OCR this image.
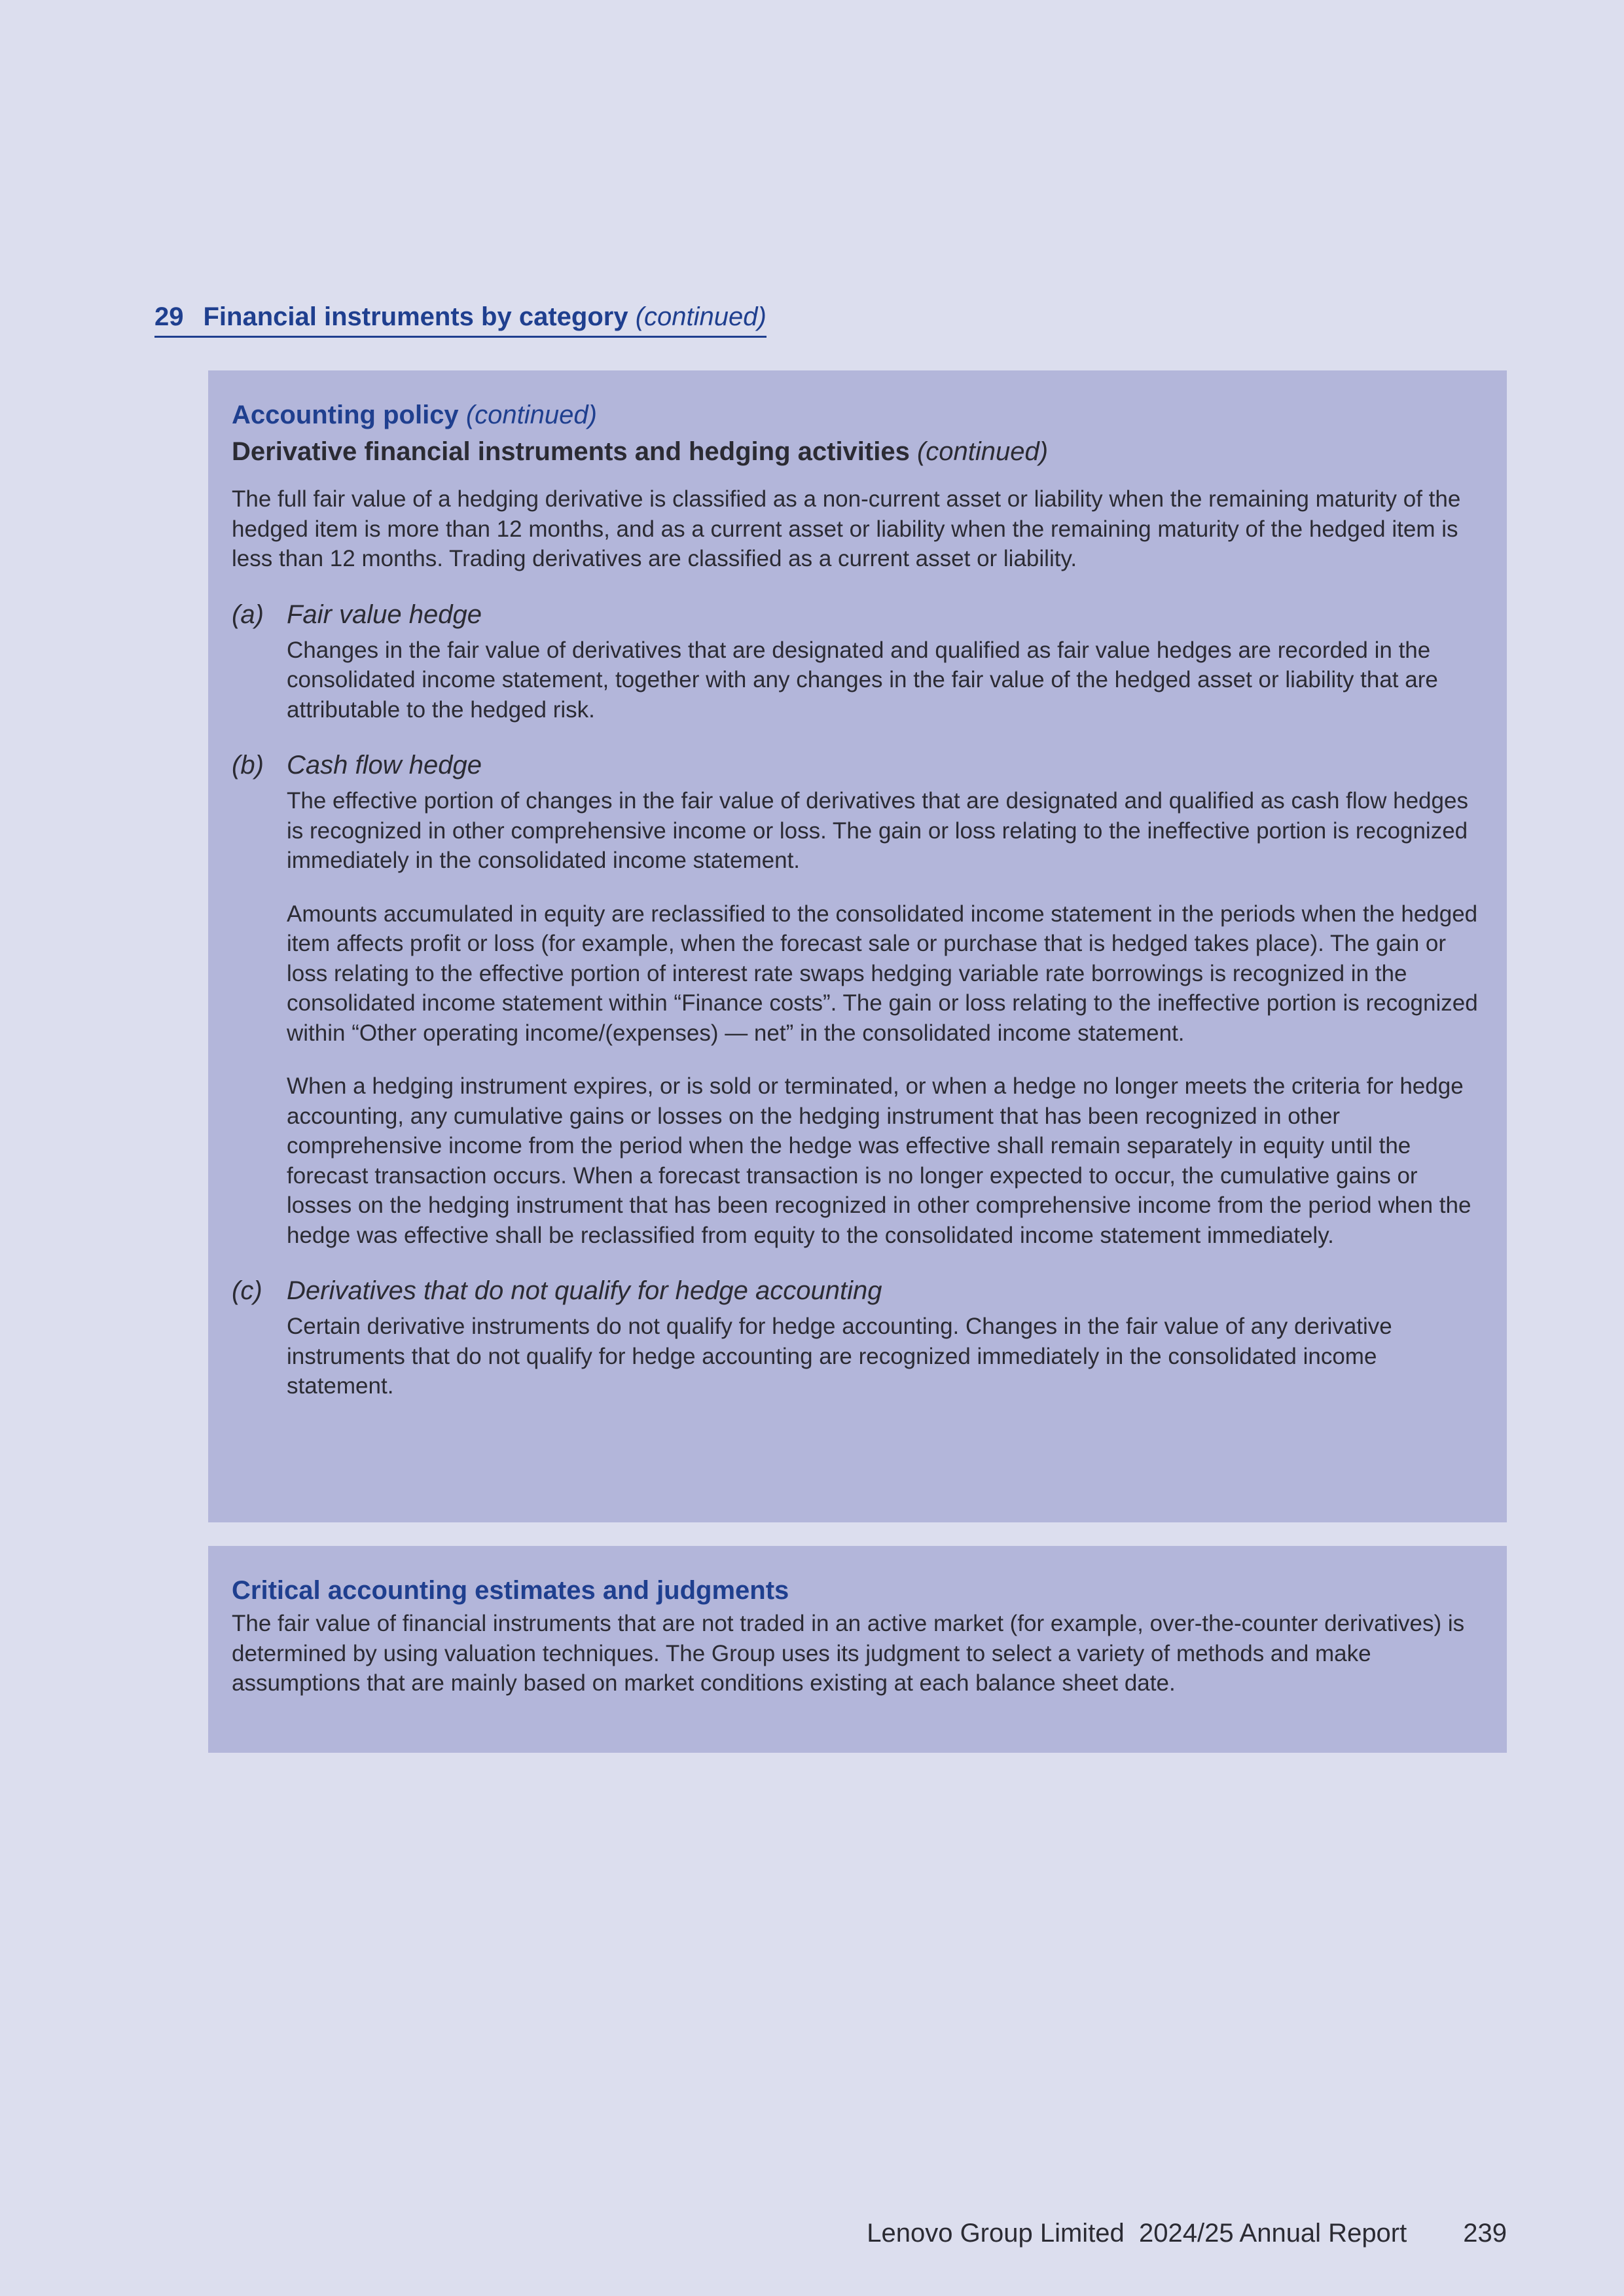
29 Financial instruments by category (continued)
Accounting policy (continued)
Derivative financial instruments and hedging activities (continued)

The full fair value of a hedging derivative is classified as a non-current asset or liability when the remaining maturity of the hedged item is more than 12 months, and as a current asset or liability when the remaining maturity of the hedged item is less than 12 months. Trading derivatives are classified as a current asset or liability.

(a) Fair value hedge

Changes in the fair value of derivatives that are designated and qualified as fair value hedges are recorded in the consolidated income statement, together with any changes in the fair value of the hedged asset or liability that are attributable to the hedged risk.

(b) Cash flow hedge

The effective portion of changes in the fair value of derivatives that are designated and qualified as cash flow hedges is recognized in other comprehensive income or loss. The gain or loss relating to the ineffective portion is recognized immediately in the consolidated income statement.

Amounts accumulated in equity are reclassified to the consolidated income statement in the periods when the hedged item affects profit or loss (for example, when the forecast sale or purchase that is hedged takes place). The gain or loss relating to the effective portion of interest rate swaps hedging variable rate borrowings is recognized in the consolidated income statement within “Finance costs”. The gain or loss relating to the ineffective portion is recognized within “Other operating income/(expenses) — net” in the consolidated income statement.

When a hedging instrument expires, or is sold or terminated, or when a hedge no longer meets the criteria for hedge accounting, any cumulative gains or losses on the hedging instrument that has been recognized in other comprehensive income from the period when the hedge was effective shall remain separately in equity until the forecast transaction occurs. When a forecast transaction is no longer expected to occur, the cumulative gains or losses on the hedging instrument that has been recognized in other comprehensive income from the period when the hedge was effective shall be reclassified from equity to the consolidated income statement immediately.

(c) Derivatives that do not qualify for hedge accounting

Certain derivative instruments do not qualify for hedge accounting. Changes in the fair value of any derivative instruments that do not qualify for hedge accounting are recognized immediately in the consolidated income statement.

Critical accounting estimates and judgments

The fair value of financial instruments that are not traded in an active market (for example, over-the-counter derivatives) is determined by using valuation techniques. The Group uses its judgment to select a variety of methods and make assumptions that are mainly based on market conditions existing at each balance sheet date.

Lenovo Group Limited  2024/25 Annual Report 239
